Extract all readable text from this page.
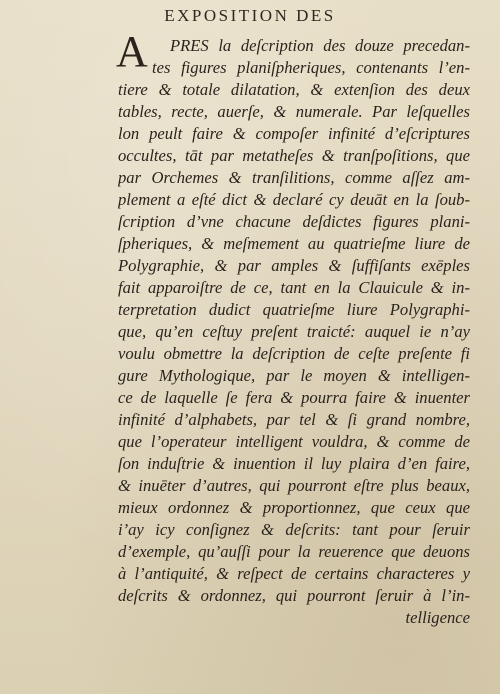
EXPOSITION DES
A PRES la deſcription des douze precedan-
tes figures planiſpheriques, contenants l’en-
tiere & totale dilatation, & extenſion des deux
tables, recte, auerſe, & numerale. Par leſquelles
lon peult faire & compoſer infinité d’eſcriptures
occultes, tāt par metatheſes & tranſpoſitions, que
par Orchemes & tranſilitions, comme aſſez am-
plement a eſté dict & declaré cy deuāt en la ſoub-
ſcription d’vne chacune deſdictes figures plani-
ſpheriques, & meſmement au quatrieſme liure de
Polygraphie, & par amples & ſuffiſants exēples
fait apparoiſtre de ce, tant en la Clauicule & in-
terpretation dudict quatrieſme liure Polygraphi-
que, qu’en ceſtuy preſent traicté: auquel ie n’ay
voulu obmettre la deſcription de ceſte preſente fi
gure Mythologique, par le moyen & intelligen-
ce de laquelle ſe fera & pourra faire & inuenter
infinité d’alphabets, par tel & ſi grand nombre,
que l’operateur intelligent vouldra, & comme de
ſon induſtrie & inuention il luy plaira d’en faire,
& inuēter d’autres, qui pourront eſtre plus beaux,
mieux ordonnez & proportionnez, que ceux que
i’ay icy conſignez & deſcrits: tant pour ſeruir
d’exemple, qu’auſſi pour la reuerence que deuons
à l’antiquité, & reſpect de certains characteres y
deſcrits & ordonnez, qui pourront ſeruir à l’in-
telligence
